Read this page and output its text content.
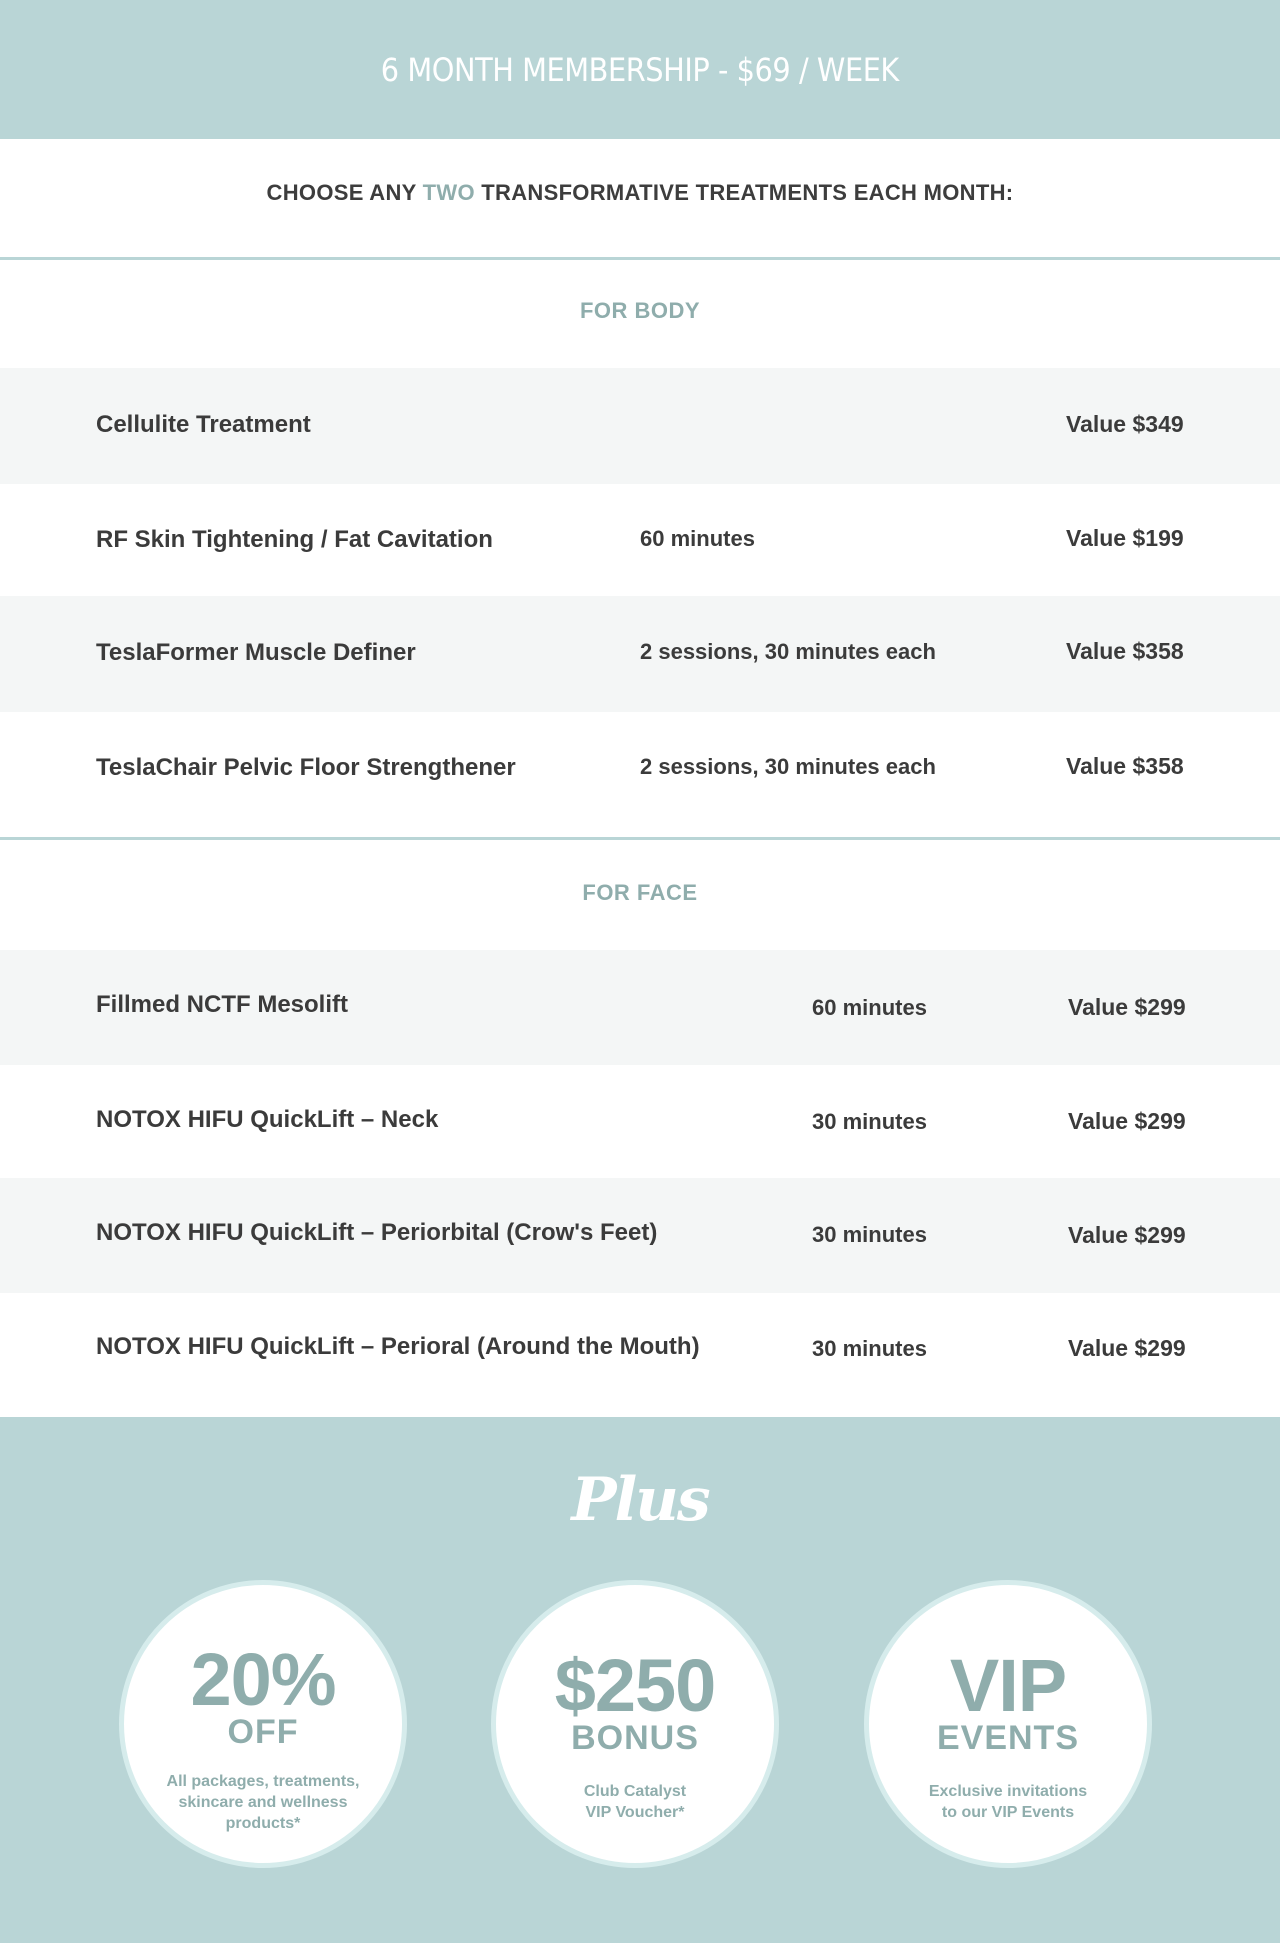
6 MONTH MEMBERSHIP - $69 / WEEK
CHOOSE ANY TWO TRANSFORMATIVE TREATMENTS EACH MONTH:
FOR BODY
Cellulite Treatment	Value $349
RF Skin Tightening / Fat Cavitation	60 minutes	Value $199
TeslaFormer Muscle Definer	2 sessions, 30 minutes each	Value $358
TeslaChair Pelvic Floor Strengthener	2 sessions, 30 minutes each	Value $358
FOR FACE
Fillmed NCTF Mesolift	60 minutes	Value $299
NOTOX HIFU QuickLift – Neck	30 minutes	Value $299
NOTOX HIFU QuickLift – Periorbital (Crow's Feet)	30 minutes	Value $299
NOTOX HIFU QuickLift – Perioral (Around the Mouth)	30 minutes	Value $299
Plus
20%
OFF
All packages, treatments, skincare and wellness products*
$250
BONUS
Club Catalyst VIP Voucher*
VIP
EVENTS
Exclusive invitations to our VIP Events
